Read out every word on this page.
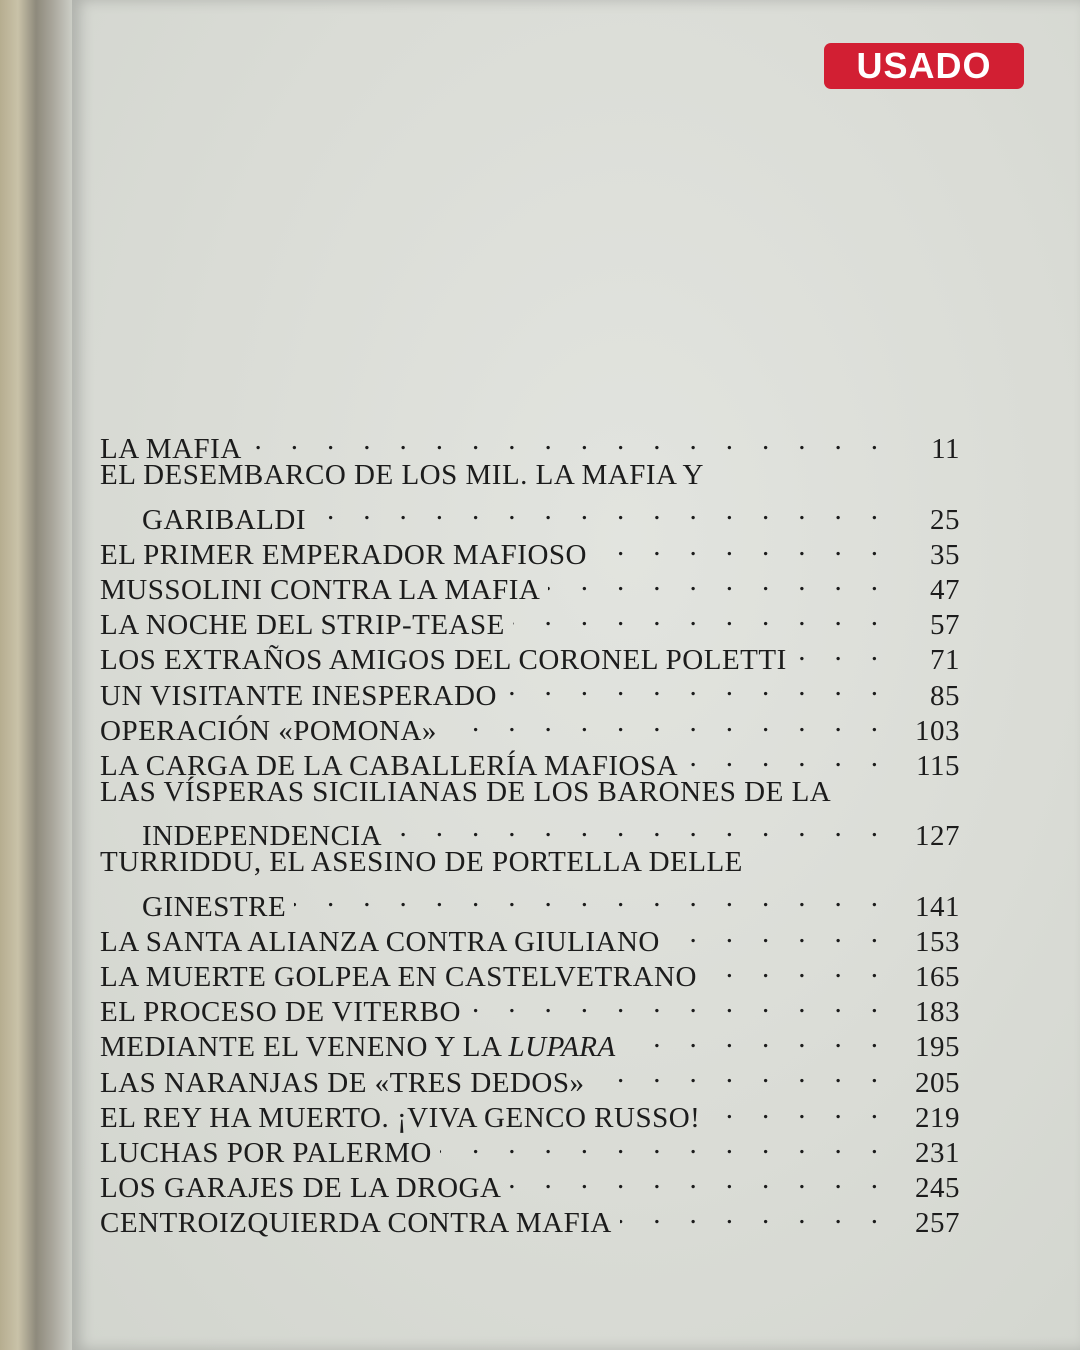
USADO
LA MAFIA .	11
EL DESEMBARCO DE LOS MIL. LA MAFIA Y
GARIBALDI .	25
EL PRIMER EMPERADOR MAFIOSO .	35
MUSSOLINI CONTRA LA MAFIA .	47
LA NOCHE DEL STRIP-TEASE .	57
LOS EXTRAÑOS AMIGOS DEL CORONEL POLETTI .	71
UN VISITANTE INESPERADO .	85
OPERACIÓN «POMONA» .	103
LA CARGA DE LA CABALLERÍA MAFIOSA .	115
LAS VÍSPERAS SICILIANAS DE LOS BARONES DE LA
INDEPENDENCIA .	127
TURRIDDU, EL ASESINO DE PORTELLA DELLE
GINESTRE .	141
LA SANTA ALIANZA CONTRA GIULIANO .	153
LA MUERTE GOLPEA EN CASTELVETRANO .	165
EL PROCESO DE VITERBO .	183
MEDIANTE EL VENENO Y LA LUPARA .	195
LAS NARANJAS DE «TRES DEDOS» .	205
EL REY HA MUERTO. ¡VIVA GENCO RUSSO! .	219
LUCHAS POR PALERMO .	231
LOS GARAJES DE LA DROGA .	245
CENTROIZQUIERDA CONTRA MAFIA .	257
